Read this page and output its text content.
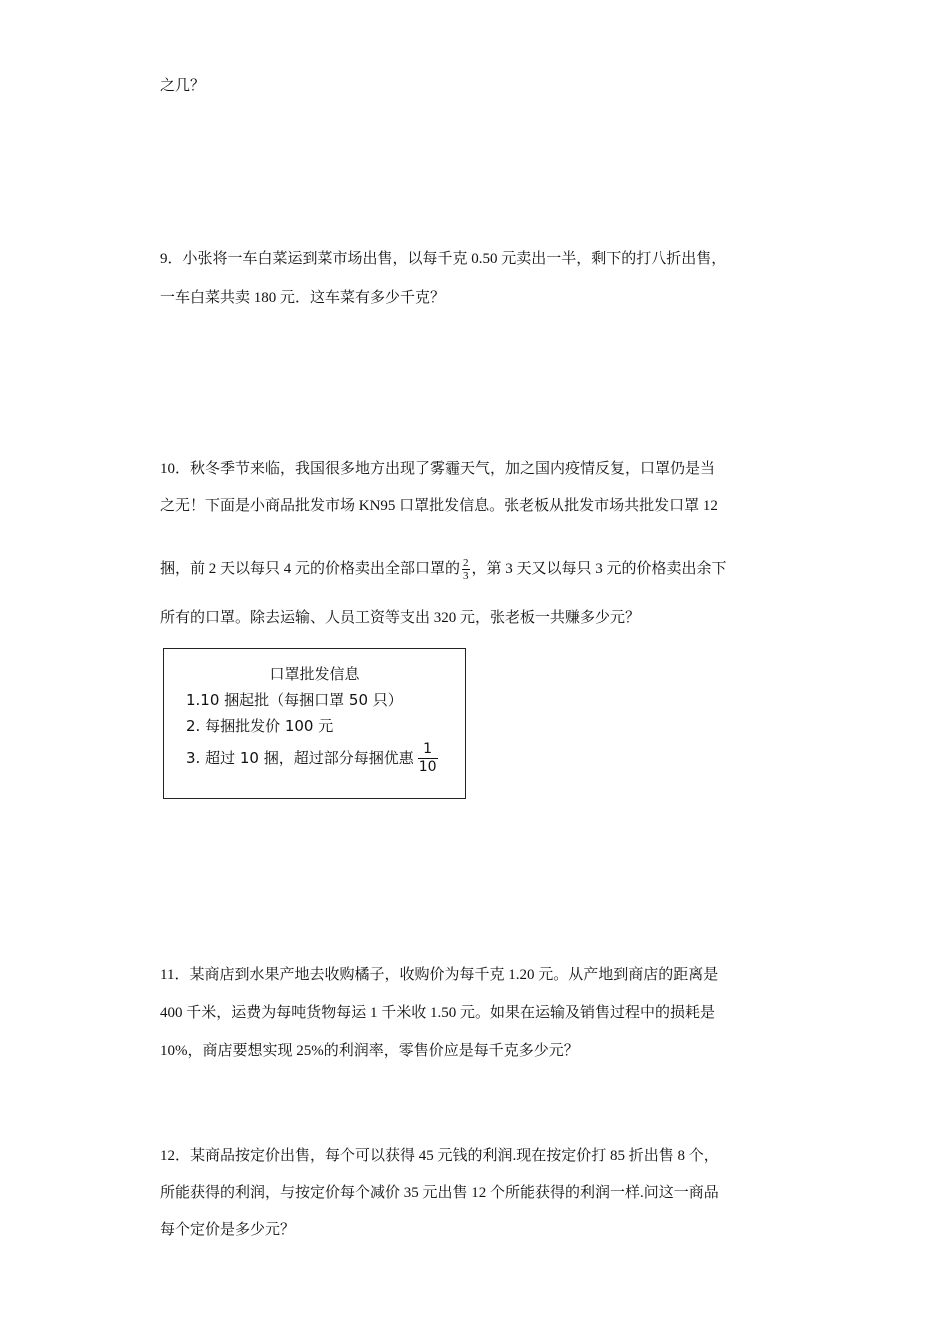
之几？
9．小张将一车白菜运到菜市场出售，以每千克 0.50 元卖出一半，剩下的打八折出售，
一车白菜共卖 180 元．这车菜有多少千克？
10．秋冬季节来临，我国很多地方出现了雾霾天气，加之国内疫情反复，口罩仍是当
之无！下面是小商品批发市场 KN95 口罩批发信息。张老板从批发市场共批发口罩 12
捆，前 2 天以每只 4 元的价格卖出全部口罩的 $\frac{2}{3}$ ，第 3 天又以每只 3 元的价格卖出余下
所有的口罩。除去运输、人员工资等支出 320 元，张老板一共赚多少元？
口罩批发信息
1.10 捆起批（每捆口罩 50 只）
2. 每捆批发价 100 元
3. 超过 10 捆，超过部分每捆优惠 $\frac{1}{10}$
11．某商店到水果产地去收购橘子，收购价为每千克 1.20 元。从产地到商店的距离是
400 千米，运费为每吨货物每运 1 千米收 1.50 元。如果在运输及销售过程中的损耗是
10%，商店要想实现 25%的利润率，零售价应是每千克多少元？
12．某商品按定价出售，每个可以获得 45 元钱的利润.现在按定价打 85 折出售 8 个，
所能获得的利润，与按定价每个减价 35 元出售 12 个所能获得的利润一样.问这一商品
每个定价是多少元？
